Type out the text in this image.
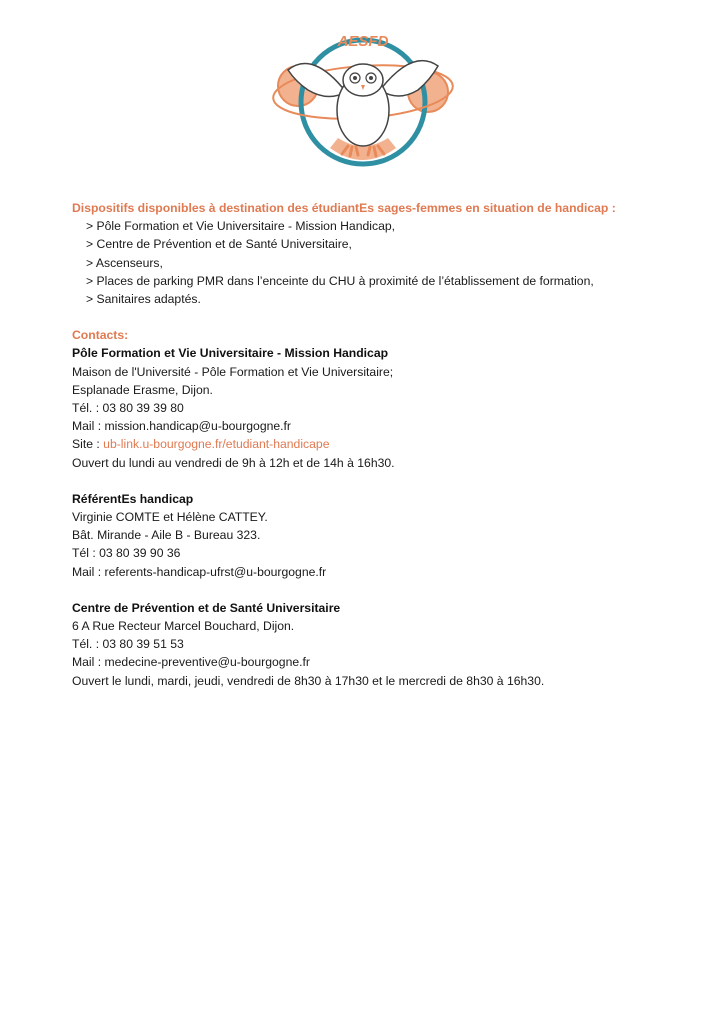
AESFD
Dispositifs disponibles à destination des étudiantEs sages-femmes en situation de handicap :
> Pôle Formation et Vie Universitaire - Mission Handicap,
> Centre de Prévention et de Santé Universitaire,
> Ascenseurs,
> Places de parking PMR dans l’enceinte du CHU à proximité de l’établissement de formation,
> Sanitaires adaptés.
Contacts:
Pôle Formation et Vie Universitaire - Mission Handicap
Maison de l'Université - Pôle Formation et Vie Universitaire;
Esplanade Erasme, Dijon.
Tél. : 03 80 39 39 80
Mail : mission.handicap@u-bourgogne.fr
Site : ub-link.u-bourgogne.fr/etudiant-handicape
Ouvert du lundi au vendredi de 9h à 12h et de 14h à 16h30.
RéférentEs handicap
Virginie COMTE et Hélène CATTEY.
Bât. Mirande - Aile B - Bureau 323.
Tél : 03 80 39 90 36
Mail : referents-handicap-ufrst@u-bourgogne.fr
Centre de Prévention et de Santé Universitaire
6 A Rue Recteur Marcel Bouchard, Dijon.
Tél. : 03 80 39 51 53
Mail : medecine-preventive@u-bourgogne.fr
Ouvert le lundi, mardi, jeudi, vendredi de 8h30 à 17h30 et le mercredi de 8h30 à 16h30.
